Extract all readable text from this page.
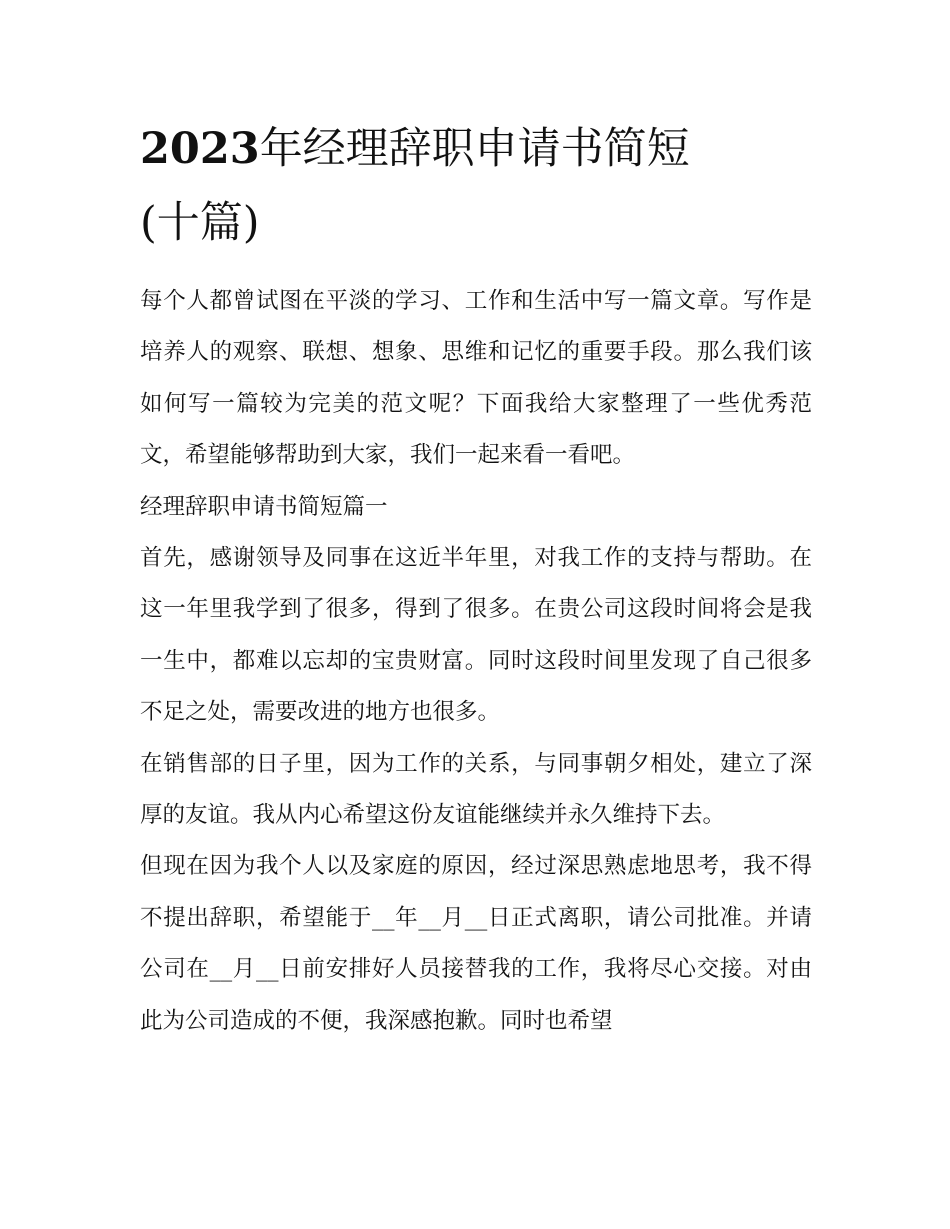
2023年经理辞职申请书简短
(十篇)

每个人都曾试图在平淡的学习、工作和生活中写一篇文章。写作是培养人的观察、联想、想象、思维和记忆的重要手段。那么我们该如何写一篇较为完美的范文呢？下面我给大家整理了一些优秀范文，希望能够帮助到大家，我们一起来看一看吧。

经理辞职申请书简短篇一

首先，感谢领导及同事在这近半年里，对我工作的支持与帮助。在这一年里我学到了很多，得到了很多。在贵公司这段时间将会是我一生中，都难以忘却的宝贵财富。同时这段时间里发现了自己很多不足之处，需要改进的地方也很多。

在销售部的日子里，因为工作的关系，与同事朝夕相处，建立了深厚的友谊。我从内心希望这份友谊能继续并永久维持下去。

但现在因为我个人以及家庭的原因，经过深思熟虑地思考，我不得不提出辞职，希望能于__年__月__日正式离职，请公司批准。并请公司在__月__日前安排好人员接替我的工作，我将尽心交接。对由此为公司造成的不便，我深感抱歉。同时也希望
